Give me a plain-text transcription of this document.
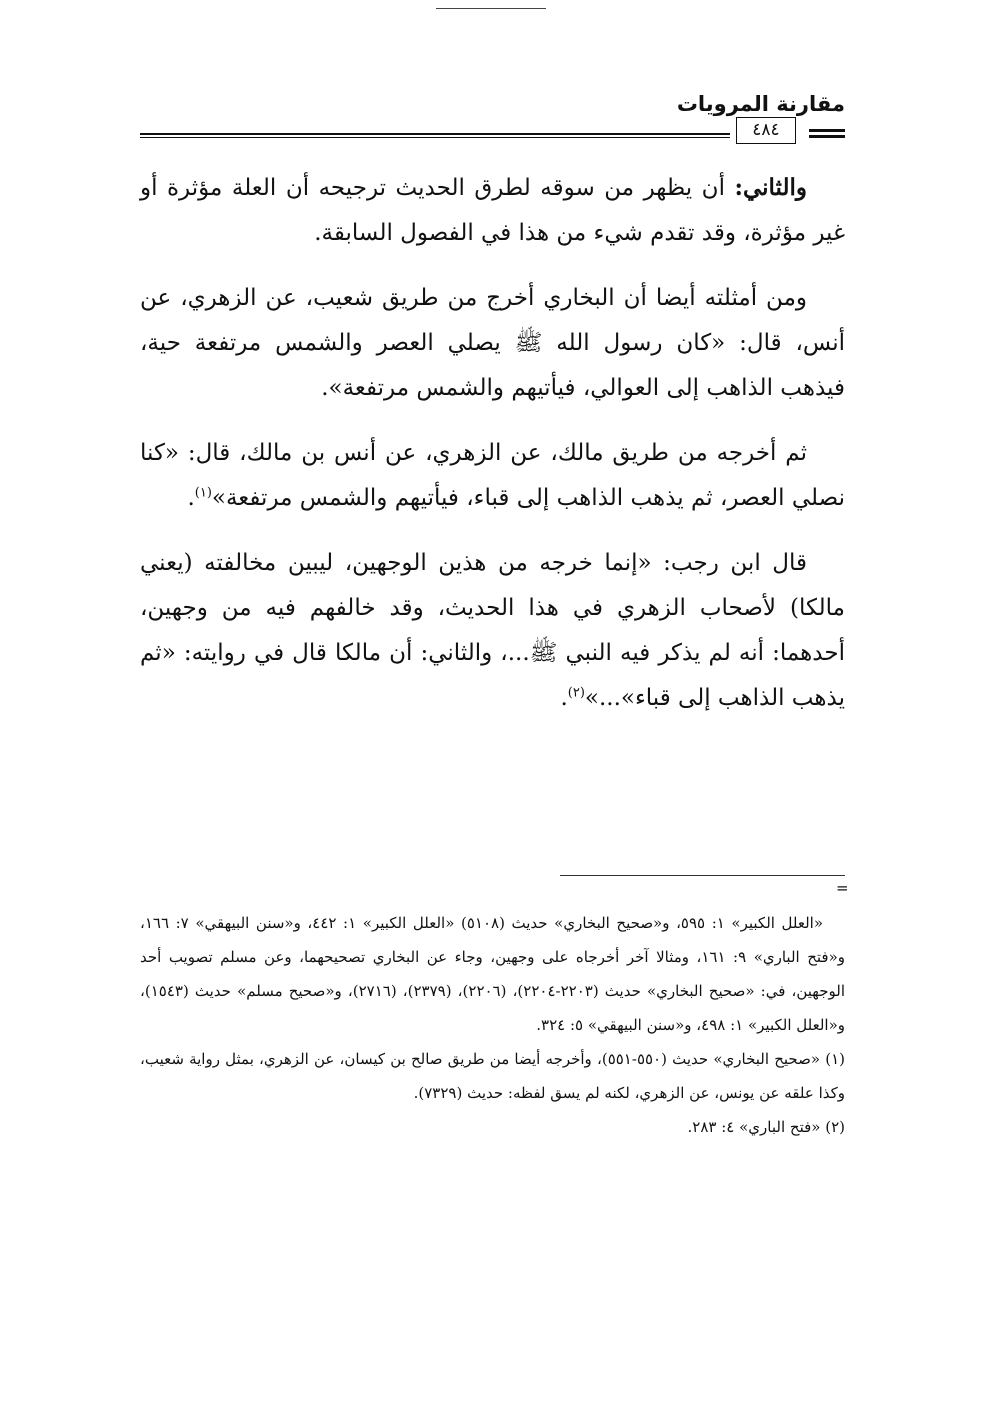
مقارنة المرويات
٤٨٤

والثاني: أن يظهر من سوقه لطرق الحديث ترجيحه أن العلة مؤثرة أو غير مؤثرة، وقد تقدم شيء من هذا في الفصول السابقة.

ومن أمثلته أيضا أن البخاري أخرج من طريق شعيب، عن الزهري، عن أنس، قال: «كان رسول الله ﷺ يصلي العصر والشمس مرتفعة حية، فيذهب الذاهب إلى العوالي، فيأتيهم والشمس مرتفعة».

ثم أخرجه من طريق مالك، عن الزهري، عن أنس بن مالك، قال: «كنا نصلي العصر، ثم يذهب الذاهب إلى قباء، فيأتيهم والشمس مرتفعة»$^{(١)}$.

قال ابن رجب: «إنما خرجه من هذين الوجهين، ليبين مخالفته (يعني مالكا) لأصحاب الزهري في هذا الحديث، وقد خالفهم فيه من وجهين، أحدهما: أنه لم يذكر فيه النبي ﷺ...، والثاني: أن مالكا قال في روايته: «ثم يذهب الذاهب إلى قباء»...»$^{(٢)}$.

=

«العلل الكبير» ١: ٥٩٥، و«صحيح البخاري» حديث (٥١٠٨) «العلل الكبير» ١: ٤٤٢، و«سنن البيهقي» ٧: ١٦٦، و«فتح الباري» ٩: ١٦١، ومثالا آخر أخرجاه على وجهين، وجاء عن البخاري تصحيحهما، وعن مسلم تصويب أحد الوجهين، في: «صحيح البخاري» حديث (٢٢٠٣-٢٢٠٤)، (٢٢٠٦)، (٢٣٧٩)، (٢٧١٦)، و«صحيح مسلم» حديث (١٥٤٣)، و«العلل الكبير» ١: ٤٩٨، و«سنن البيهقي» ٥: ٣٢٤.

(١) «صحيح البخاري» حديث (٥٥٠-٥٥١)، وأخرجه أيضا من طريق صالح بن كيسان، عن الزهري، بمثل رواية شعيب، وكذا علقه عن يونس، عن الزهري، لكنه لم يسق لفظه: حديث (٧٣٢٩).

(٢) «فتح الباري» ٤: ٢٨٣.
